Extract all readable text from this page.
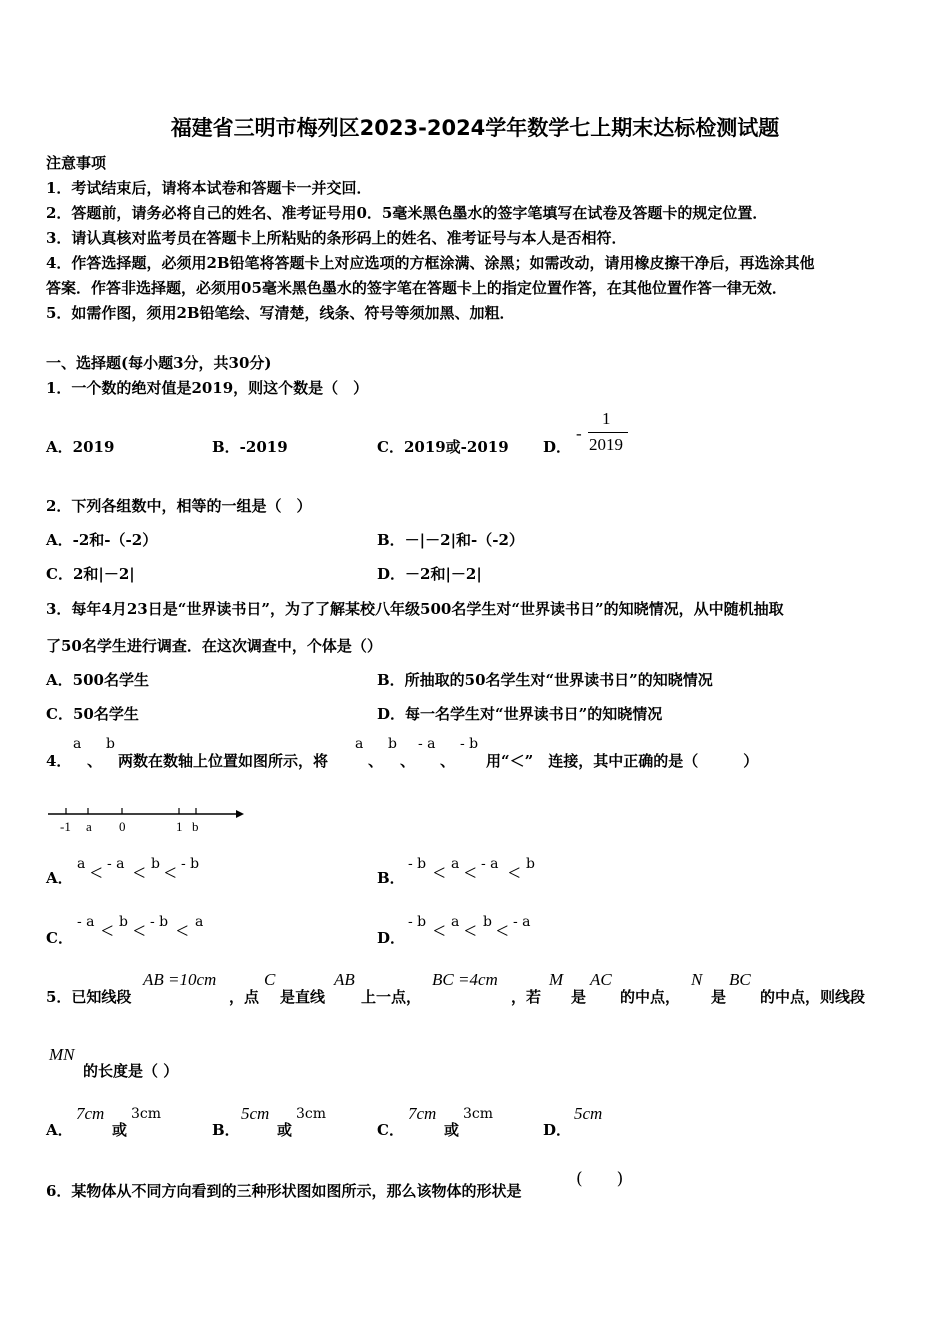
福建省三明市梅列区2023-2024学年数学七上期末达标检测试题
注意事项
1．考试结束后，请将本试卷和答题卡一并交回．
2．答题前，请务必将自己的姓名、准考证号用0．5毫米黑色墨水的签字笔填写在试卷及答题卡的规定位置．
3．请认真核对监考员在答题卡上所粘贴的条形码上的姓名、准考证号与本人是否相符．
4．作答选择题，必须用2B铅笔将答题卡上对应选项的方框涂满、涂黑；如需改动，请用橡皮擦干净后，再选涂其他
答案．作答非选择题，必须用05毫米黑色墨水的签字笔在答题卡上的指定位置作答，在其他位置作答一律无效．
5．如需作图，须用2B铅笔绘、写清楚，线条、符号等须加黑、加粗．
一、选择题(每小题3分，共30分)
1．一个数的绝对值是2019，则这个数是（　）
A．2019	B．-2019	C．2019或-2019 D．
-
1
2019
2．下列各组数中，相等的一组是（　）
A．-2和-（-2）	B．－|－2|和-（-2）
C．2和|－2|	D．－2和|－2|
3．每年4月23日是“世界读书日”，为了了解某校八年级500名学生对“世界读书日”的知晓情况，从中随机抽取
了50名学生进行调查．在这次调查中，个体是（）
A．500名学生	B．所抽取的50名学生对“世界读书日”的知晓情况
C．50名学生	D．每一名学生对“世界读书日”的知晓情况
4．
a
、
b
两数在数轴上位置如图所示，将
a
、
b
、
- a
、
- b
用“＜”　连接，其中正确的是（　　　）
-1 a 0	1 b
A．
a < - a < b < - b
B．
- b < a < - a < b
C．
- a < b < - b < a
D．
- b < a < b < - a
5．已知线段
AB =10cm
，点
C
是直线
AB
上一点，
BC =4cm
，若
M
是
AC
的中点，
N
是
BC
的中点，则线段
MN
的长度是（ ）
A．
7cm
或
3cm
B．
5cm
或
3cm
C．
7cm
或
3cm
D．
5cm
6．某物体从不同方向看到的三种形状图如图所示，那么该物体的形状是
(　　)
